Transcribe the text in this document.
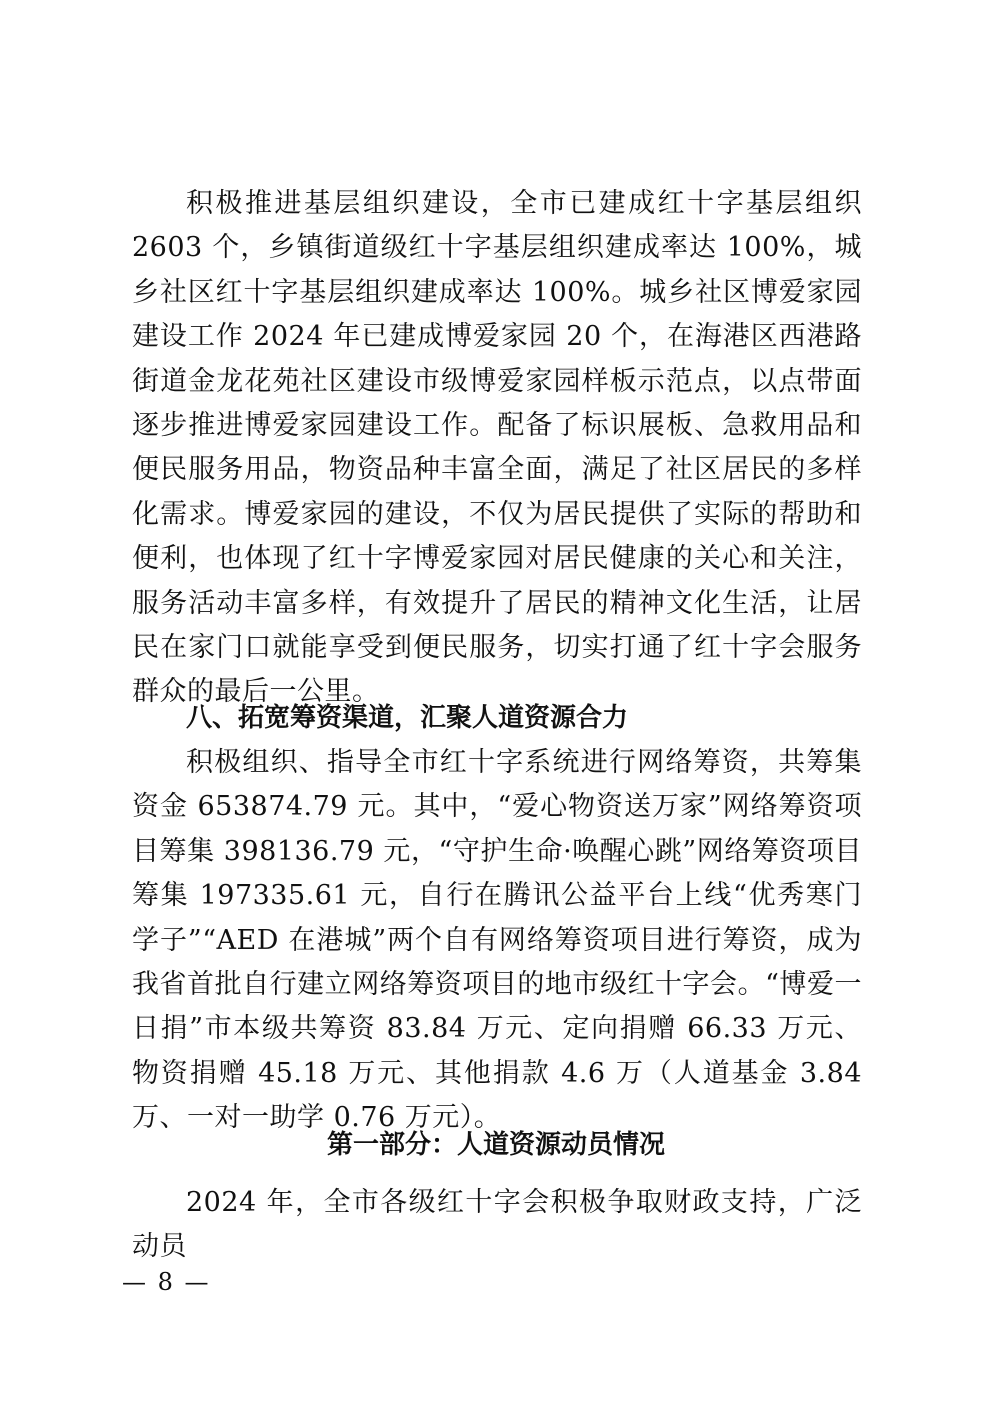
积极推进基层组织建设，全市已建成红十字基层组织 2603 个，乡镇街道级红十字基层组织建成率达 100%，城乡社区红十字基层组织建成率达 100%。城乡社区博爱家园建设工作 2024 年已建成博爱家园 20 个，在海港区西港路街道金龙花苑社区建设市级博爱家园样板示范点，以点带面逐步推进博爱家园建设工作。配备了标识展板、急救用品和便民服务用品，物资品种丰富全面，满足了社区居民的多样化需求。博爱家园的建设，不仅为居民提供了实际的帮助和便利，也体现了红十字博爱家园对居民健康的关心和关注，服务活动丰富多样，有效提升了居民的精神文化生活，让居民在家门口就能享受到便民服务，切实打通了红十字会服务群众的最后一公里。

八、拓宽筹资渠道，汇聚人道资源合力

积极组织、指导全市红十字系统进行网络筹资，共筹集资金 653874.79 元。其中，“爱心物资送万家”网络筹资项目筹集 398136.79 元，“守护生命·唤醒心跳”网络筹资项目筹集 197335.61 元，自行在腾讯公益平台上线“优秀寒门学子”“AED 在港城”两个自有网络筹资项目进行筹资，成为我省首批自行建立网络筹资项目的地市级红十字会。“博爱一日捐”市本级共筹资 83.84 万元、定向捐赠 66.33 万元、物资捐赠 45.18 万元、其他捐款 4.6 万（人道基金 3.84 万、一对一助学 0.76 万元）。

第一部分：人道资源动员情况

2024 年，全市各级红十字会积极争取财政支持，广泛动员

— 8 —
